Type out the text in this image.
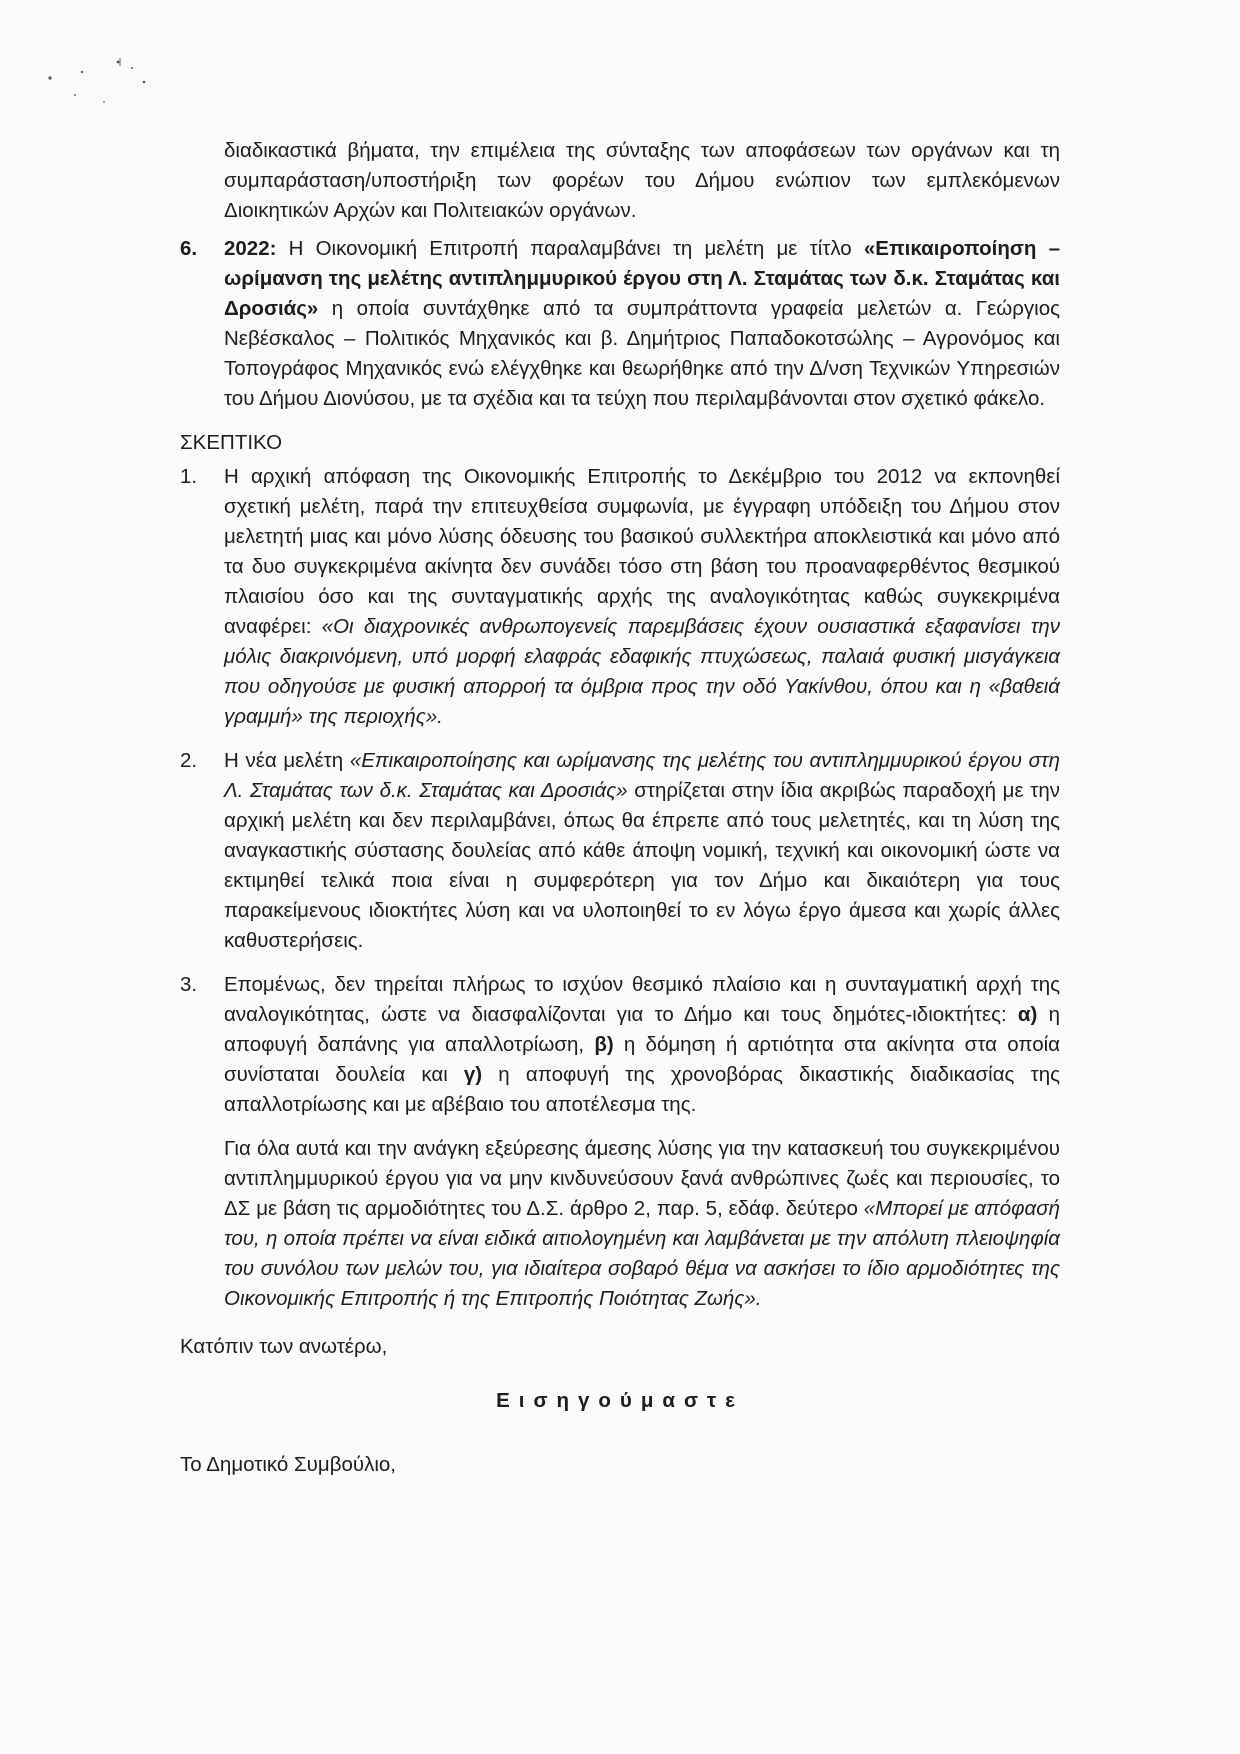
διαδικαστικά βήματα, την επιμέλεια της σύνταξης των αποφάσεων των οργάνων και τη συμπαράσταση/υποστήριξη των φορέων του Δήμου ενώπιον των εμπλεκόμενων Διοικητικών Αρχών και Πολιτειακών οργάνων.

6.	2022: Η Οικονομική Επιτροπή παραλαμβάνει τη μελέτη με τίτλο «Επικαιροποίηση – ωρίμανση της μελέτης αντιπλημμυρικού έργου στη Λ. Σταμάτας των δ.κ. Σταμάτας και Δροσιάς» η οποία συντάχθηκε από τα συμπράττοντα γραφεία μελετών α. Γεώργιος Νεβέσκαλος – Πολιτικός Μηχανικός και β. Δημήτριος Παπαδοκοτσώλης – Αγρονόμος και Τοπογράφος Μηχανικός ενώ ελέγχθηκε και θεωρήθηκε από την Δ/νση Τεχνικών Υπηρεσιών του Δήμου Διονύσου, με τα σχέδια και τα τεύχη που περιλαμβάνονται στον σχετικό φάκελο.
ΣΚΕΠΤΙΚΟ
1.	Η αρχική απόφαση της Οικονομικής Επιτροπής το Δεκέμβριο του 2012 να εκπονηθεί σχετική μελέτη, παρά την επιτευχθείσα συμφωνία, με έγγραφη υπόδειξη του Δήμου στον μελετητή μιας και μόνο λύσης όδευσης του βασικού συλλεκτήρα αποκλειστικά και μόνο από τα δυο συγκεκριμένα ακίνητα δεν συνάδει τόσο στη βάση του προαναφερθέντος θεσμικού πλαισίου όσο και της συνταγματικής αρχής της αναλογικότητας καθώς συγκεκριμένα αναφέρει: «Οι διαχρονικές ανθρωπογενείς παρεμβάσεις έχουν ουσιαστικά εξαφανίσει την μόλις διακρινόμενη, υπό μορφή ελαφράς εδαφικής πτυχώσεως, παλαιά φυσική μισγάγκεια που οδηγούσε με φυσική απορροή τα όμβρια προς την οδό Υακίνθου, όπου και η «βαθειά γραμμή» της περιοχής».
2.	Η νέα μελέτη «Επικαιροποίησης και ωρίμανσης της μελέτης του αντιπλημμυρικού έργου στη Λ. Σταμάτας των δ.κ. Σταμάτας και Δροσιάς» στηρίζεται στην ίδια ακριβώς παραδοχή με την αρχική μελέτη και δεν περιλαμβάνει, όπως θα έπρεπε από τους μελετητές, και τη λύση της αναγκαστικής σύστασης δουλείας από κάθε άποψη νομική, τεχνική και οικονομική ώστε να εκτιμηθεί τελικά ποια είναι η συμφερότερη για τον Δήμο και δικαιότερη για τους παρακείμενους ιδιοκτήτες λύση και να υλοποιηθεί το εν λόγω έργο άμεσα και χωρίς άλλες καθυστερήσεις.
3.	Επομένως, δεν τηρείται πλήρως το ισχύον θεσμικό πλαίσιο και η συνταγματική αρχή της αναλογικότητας, ώστε να διασφαλίζονται για το Δήμο και τους δημότες-ιδιοκτήτες: α) η αποφυγή δαπάνης για απαλλοτρίωση, β) η δόμηση ή αρτιότητα στα ακίνητα στα οποία συνίσταται δουλεία και γ) η αποφυγή της χρονοβόρας δικαστικής διαδικασίας της απαλλοτρίωσης και με αβέβαιο του αποτέλεσμα της.
Για όλα αυτά και την ανάγκη εξεύρεσης άμεσης λύσης για την κατασκευή του συγκεκριμένου αντιπλημμυρικού έργου για να μην κινδυνεύσουν ξανά ανθρώπινες ζωές και περιουσίες, το ΔΣ με βάση τις αρμοδιότητες του Δ.Σ. άρθρο 2, παρ. 5, εδάφ. δεύτερο «Μπορεί με απόφασή του, η οποία πρέπει να είναι ειδικά αιτιολογημένη και λαμβάνεται με την απόλυτη πλειοψηφία του συνόλου των μελών του, για ιδιαίτερα σοβαρό θέμα να ασκήσει το ίδιο αρμοδιότητες της Οικονομικής Επιτροπής ή της Επιτροπής Ποιότητας Ζωής».
Κατόπιν των ανωτέρω,
Εισηγούμαστε
Το Δημοτικό Συμβούλιο,
